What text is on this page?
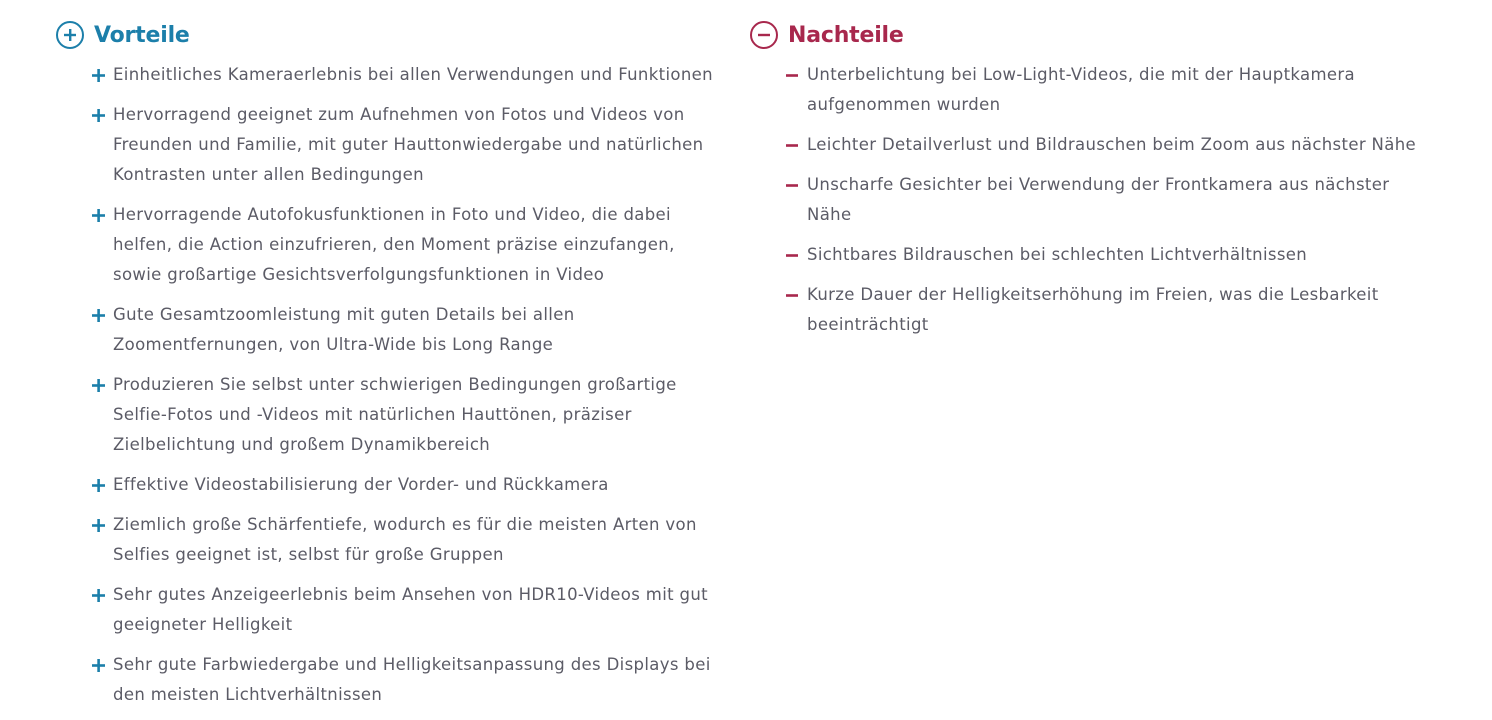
Vorteile
Einheitliches Kameraerlebnis bei allen Verwendungen und Funktionen
Hervorragend geeignet zum Aufnehmen von Fotos und Videos von Freunden und Familie, mit guter Hauttonwiedergabe und natürlichen Kontrasten unter allen Bedingungen
Hervorragende Autofokusfunktionen in Foto und Video, die dabei helfen, die Action einzufrieren, den Moment präzise einzufangen, sowie großartige Gesichtsverfolgungsfunktionen in Video
Gute Gesamtzoomleistung mit guten Details bei allen Zoomentfernungen, von Ultra-Wide bis Long Range
Produzieren Sie selbst unter schwierigen Bedingungen großartige Selfie-Fotos und -Videos mit natürlichen Hauttönen, präziser Zielbelichtung und großem Dynamikbereich
Effektive Videostabilisierung der Vorder- und Rückkamera
Ziemlich große Schärfentiefe, wodurch es für die meisten Arten von Selfies geeignet ist, selbst für große Gruppen
Sehr gutes Anzeigeerlebnis beim Ansehen von HDR10-Videos mit gut geeigneter Helligkeit
Sehr gute Farbwiedergabe und Helligkeitsanpassung des Displays bei den meisten Lichtverhältnissen
Nachteile
Unterbelichtung bei Low-Light-Videos, die mit der Hauptkamera aufgenommen wurden
Leichter Detailverlust und Bildrauschen beim Zoom aus nächster Nähe
Unscharfe Gesichter bei Verwendung der Frontkamera aus nächster Nähe
Sichtbares Bildrauschen bei schlechten Lichtverhältnissen
Kurze Dauer der Helligkeitserhöhung im Freien, was die Lesbarkeit beeinträchtigt
